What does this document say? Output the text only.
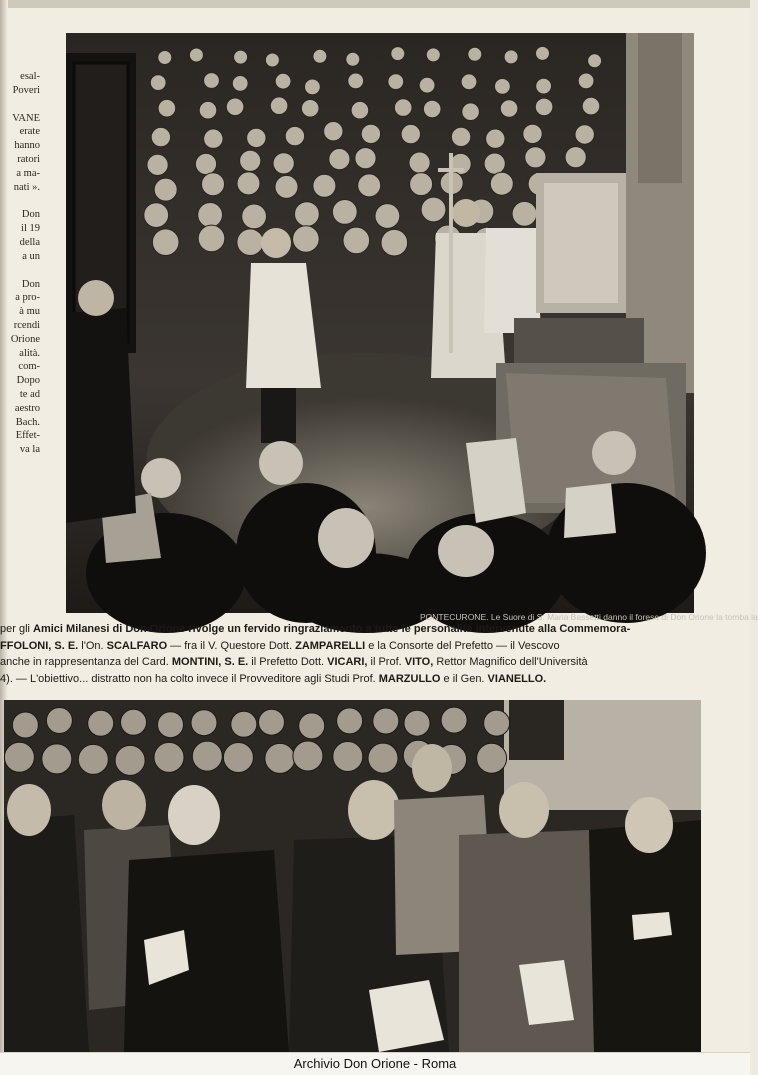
esal-
Poveri
VANE
erate
hanno
ratori
a ma-
nati ».
Don
il 19
della
a un
Don
a pro-
à mu
rcendi
Orione
alità.
com-
Dopo
te ad
aestro
Bach.
Effet-
va la
PONTECURONE. Le Suore di S. Maria Bassetti danno il forese di Don Orione la tomba la
per gli Amici Milanesi di Don Orione rivolge un fervido ringraziamento a tutte le personalità intervenute alla Commemora-
FFOLONI, S. E. l'On. SCALFARO — fra il V. Questore Dott. ZAMPARELLI e la Consorte del Prefetto — il Vescovo
anche in rappresentanza del Card. MONTINI, S. E. il Prefetto Dott. VICARI, il Prof. VITO, Rettor Magnifico dell'Università
4). — L'obiettivo... distratto non ha colto invece il Provveditore agli Studi Prof. MARZULLO e il Gen. VIANELLO.
Archivio Don Orione - Roma
